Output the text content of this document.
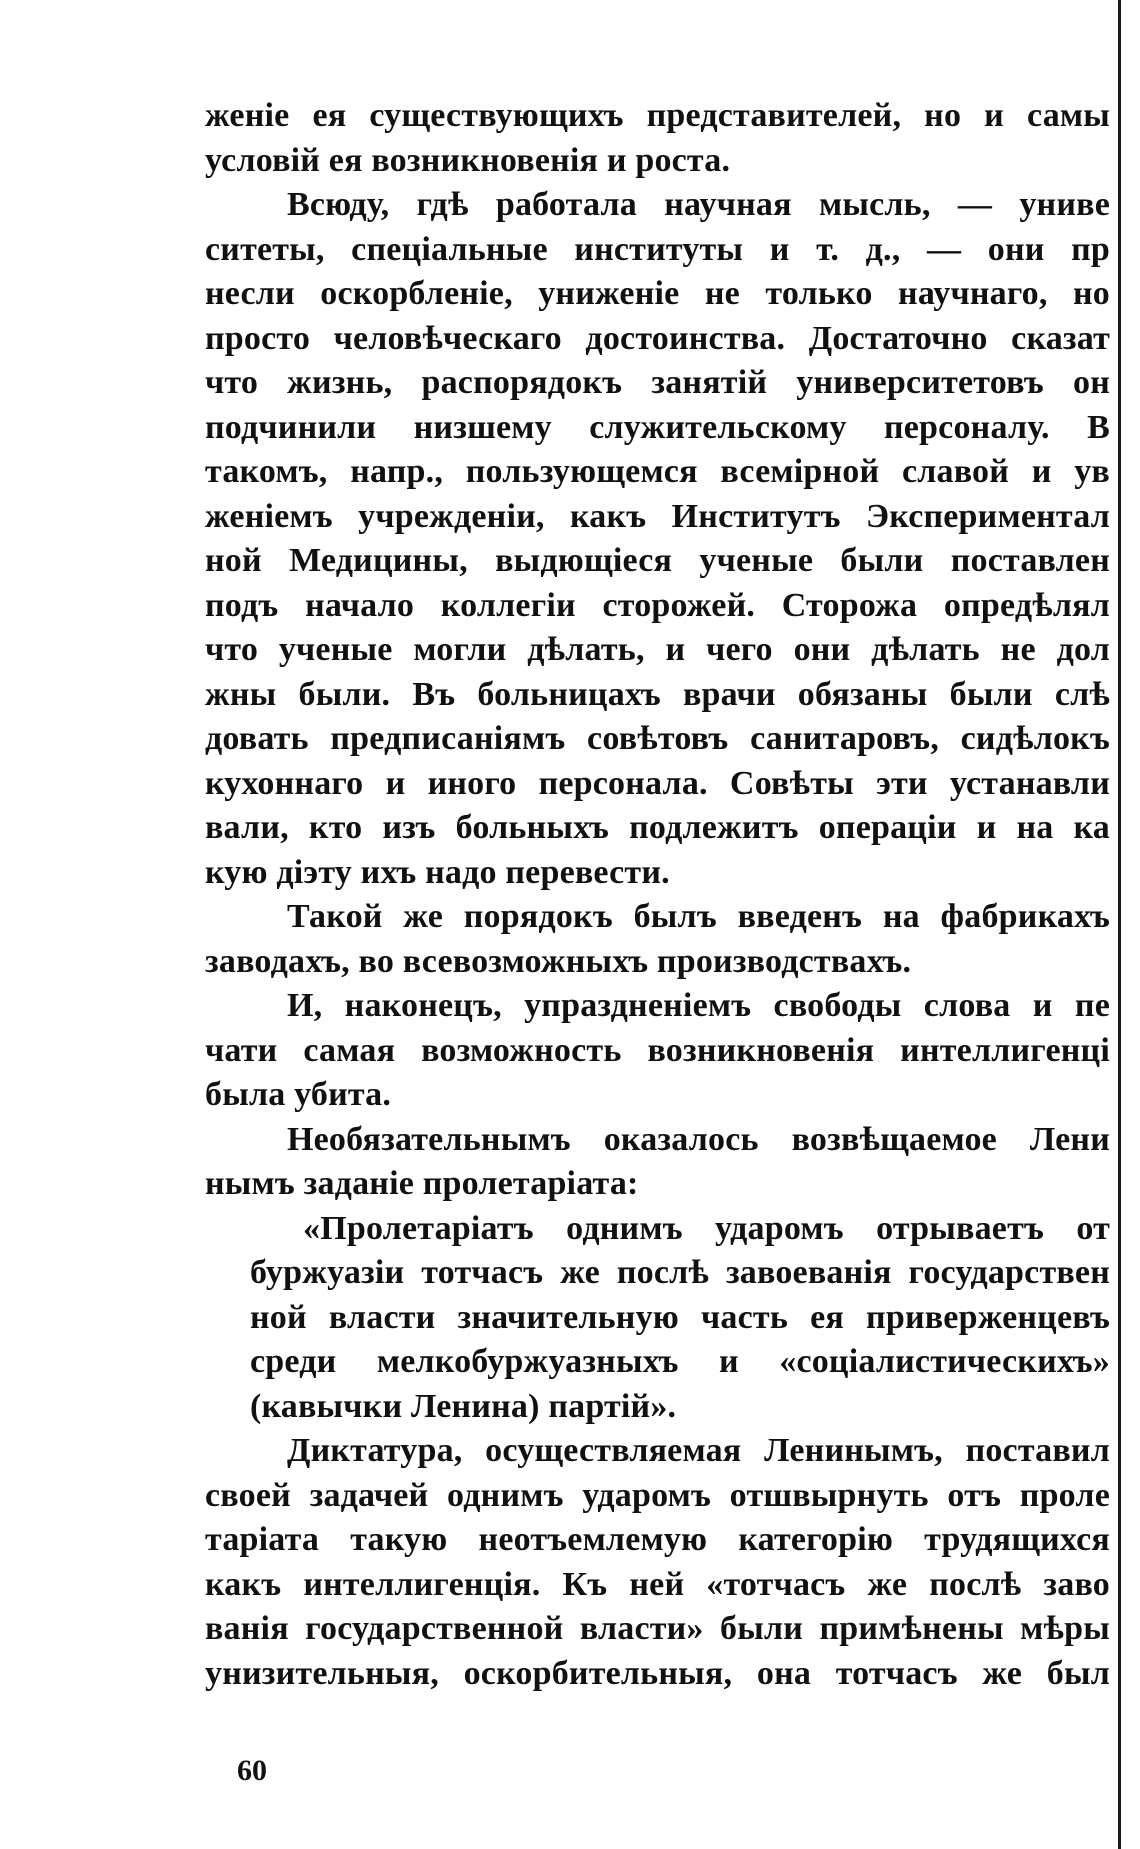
женіе ея существующихъ представителей, но и самы
условій ея возникновенія и роста.
Всюду, гдѣ работала научная мысль, — униве
ситеты, спеціальные институты и т. д., — они пр
несли оскорбленіе, униженіе не только научнаго, но
просто человѣческаго достоинства. Достаточно сказат
что жизнь, распорядокъ занятій университетовъ он
подчинили низшему служительскому персоналу. В
такомъ, напр., пользующемся всемірной славой и ув
женіемъ учрежденіи, какъ Институтъ Экспериментал
ной Медицины, выдющіеся ученые были поставлен
подъ начало коллегіи сторожей. Сторожа опредѣлял
что ученые могли дѣлать, и чего они дѣлать не дол
жны были. Въ больницахъ врачи обязаны были слѣ
довать предписаніямъ совѣтовъ санитаровъ, сидѣлокъ
кухоннаго и иного персонала. Совѣты эти устанавли
вали, кто изъ больныхъ подлежитъ операціи и на ка
кую діэту ихъ надо перевести.
Такой же порядокъ былъ введенъ на фабрикахъ
заводахъ, во всевозможныхъ производствахъ.
И, наконецъ, упраздненіемъ свободы слова и пе
чати самая возможность возникновенія интеллигенці
была убита.
Необязательнымъ оказалось возвѣщаемое Лени
нымъ заданіе пролетаріата:
«Пролетаріатъ однимъ ударомъ отрываетъ от
буржуазіи тотчасъ же послѣ завоеванія государствен
ной власти значительную часть ея приверженцевъ
среди мелкобуржуазныхъ и «соціалистическихъ»
(кавычки Ленина) партій».
Диктатура, осуществляемая Ленинымъ, поставил
своей задачей однимъ ударомъ отшвырнуть отъ проле
таріата такую неотъемлемую категорію трудящихся
какъ интеллигенція. Къ ней «тотчасъ же послѣ заво
ванія государственной власти» были примѣнены мѣры
унизительныя, оскорбительныя, она тотчасъ же был
60
